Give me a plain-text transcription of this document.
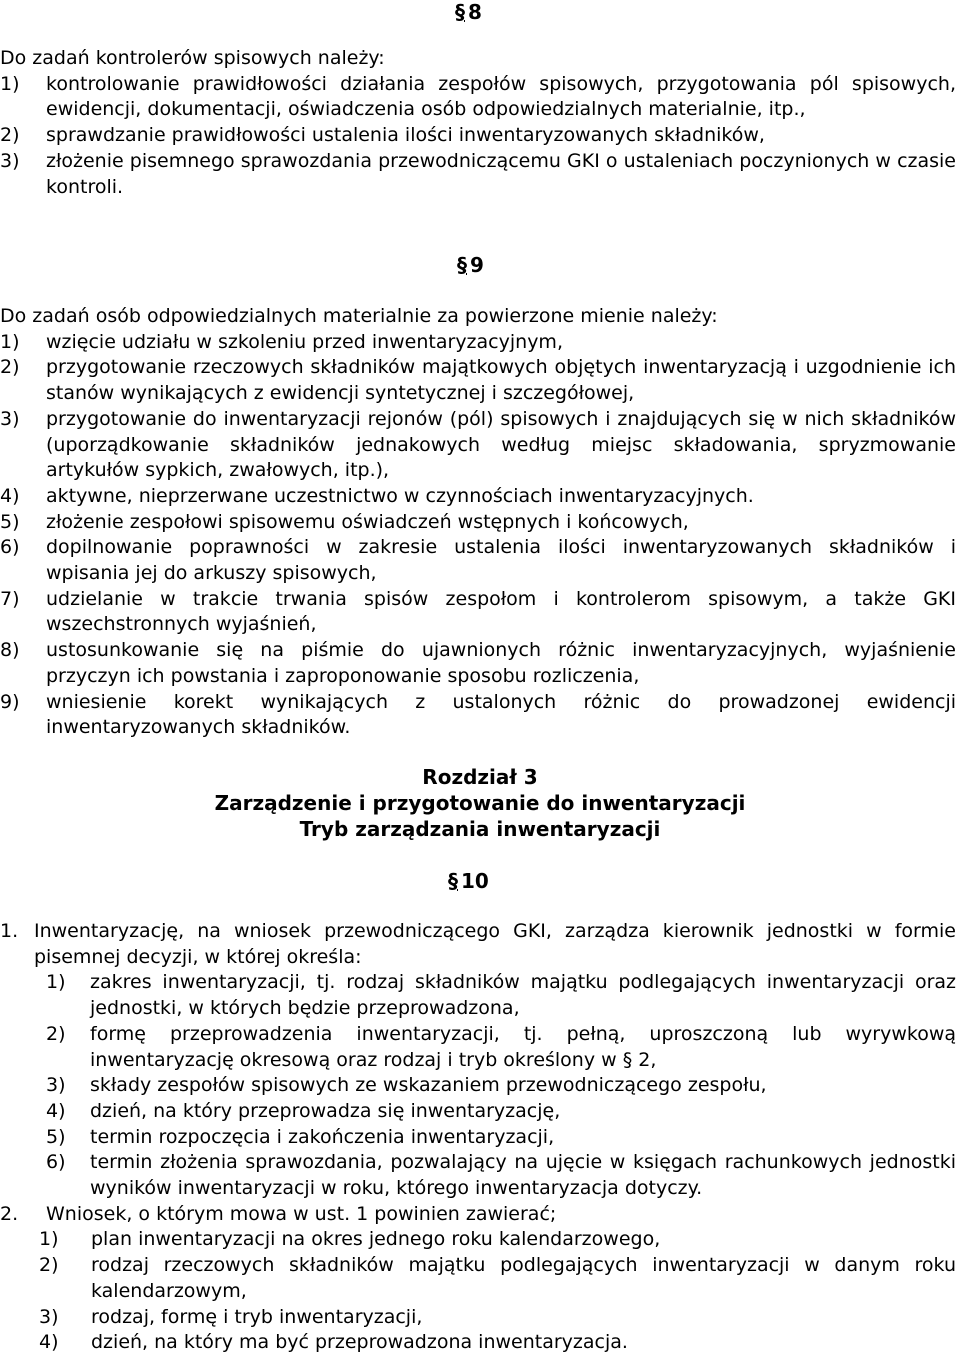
§ 8
Do zadań kontrolerów spisowych należy:
1)	kontrolowanie prawidłowości działania zespołów spisowych, przygotowania pól spisowych, ewidencji, dokumentacji, oświadczenia osób odpowiedzialnych materialnie, itp.,
2)	sprawdzanie prawidłowości ustalenia ilości inwentaryzowanych składników,
3)	złożenie pisemnego sprawozdania przewodniczącemu GKI o ustaleniach poczynionych w czasie kontroli.
§ 9
Do zadań osób odpowiedzialnych materialnie za powierzone mienie należy:
1)	wzięcie udziału w szkoleniu przed inwentaryzacyjnym,
2)	przygotowanie rzeczowych składników majątkowych objętych inwentaryzacją i uzgodnienie ich stanów wynikających z ewidencji syntetycznej i szczegółowej,
3)	przygotowanie do inwentaryzacji rejonów (pól) spisowych i znajdujących się w nich składników (uporządkowanie składników jednakowych według miejsc składowania, spryzmowanie artykułów sypkich, zwałowych, itp.),
4)	aktywne, nieprzerwane uczestnictwo w czynnościach inwentaryzacyjnych.
5)	złożenie zespołowi spisowemu oświadczeń wstępnych i końcowych,
6)	dopilnowanie poprawności w zakresie ustalenia ilości inwentaryzowanych składników i wpisania jej do arkuszy spisowych,
7)	udzielanie w trakcie trwania spisów zespołom i kontrolerom spisowym, a także GKI wszechstronnych wyjaśnień,
8)	ustosunkowanie się na piśmie do ujawnionych różnic inwentaryzacyjnych, wyjaśnienie przyczyn ich powstania i zaproponowanie sposobu rozliczenia,
9)	wniesienie korekt wynikających z ustalonych różnic do prowadzonej ewidencji inwentaryzowanych składników.
Rozdział 3
Zarządzenie i przygotowanie do inwentaryzacji
Tryb zarządzania inwentaryzacji
§ 10
1. Inwentaryzację, na wniosek przewodniczącego GKI, zarządza kierownik jednostki w formie pisemnej decyzji, w której określa:
1)	zakres inwentaryzacji, tj. rodzaj składników majątku podlegających inwentaryzacji oraz jednostki, w których będzie przeprowadzona,
2)	formę przeprowadzenia inwentaryzacji, tj. pełną, uproszczoną lub wyrywkową inwentaryzację okresową oraz rodzaj i tryb określony w § 2,
3)	składy zespołów spisowych ze wskazaniem przewodniczącego zespołu,
4)	dzień, na który przeprowadza się inwentaryzację,
5)	termin rozpoczęcia i zakończenia inwentaryzacji,
6)	termin złożenia sprawozdania, pozwalający na ujęcie w księgach rachunkowych jednostki wyników inwentaryzacji w roku, którego inwentaryzacja dotyczy.
2.	Wniosek, o którym mowa w ust. 1 powinien zawierać;
1)	plan inwentaryzacji na okres jednego roku kalendarzowego,
2)	rodzaj rzeczowych składników majątku podlegających inwentaryzacji w danym roku kalendarzowym,
3)	rodzaj, formę i tryb inwentaryzacji,
4)	dzień, na który ma być przeprowadzona inwentaryzacja.
